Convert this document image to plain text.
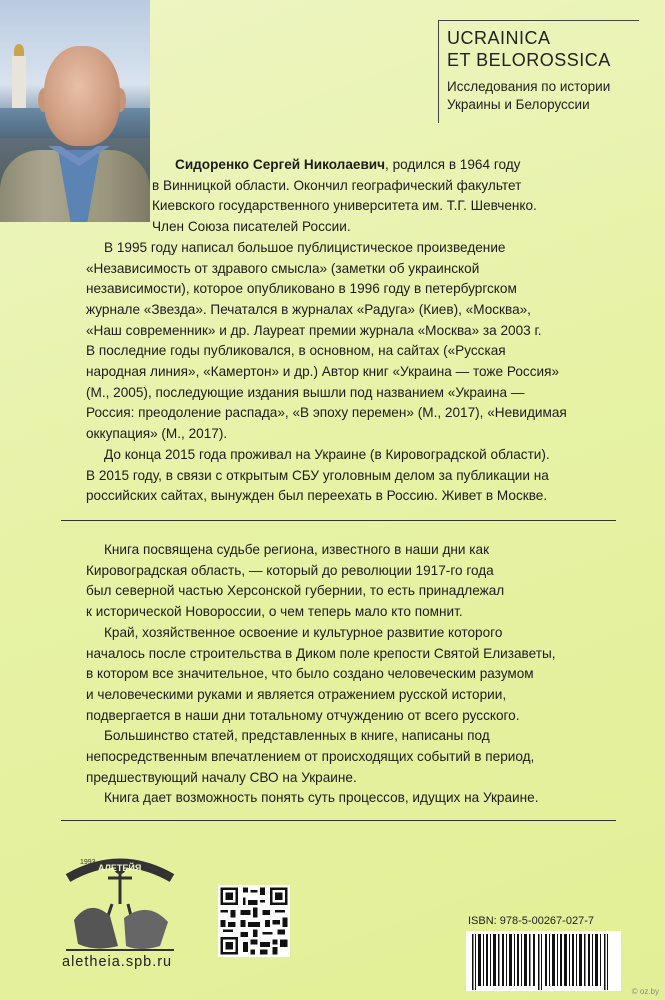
UCRAINICA
ET BELOROSSICA
Исследования по истории
Украины и Белоруссии

Сидоренко Сергей Николаевич, родился в 1964 году

в Винницкой области. Окончил географический факультет

Киевского государственного университета им. Т.Г. Шевченко.

Член Союза писателей России.

В 1995 году написал большое публицистическое произведение

«Независимость от здравого смысла» (заметки об украинской

независимости), которое опубликовано в 1996 году в петербургском

журнале «Звезда». Печатался в журналах «Радуга» (Киев), «Москва»,

«Наш современник» и др. Лауреат премии журнала «Москва» за 2003 г.

В последние годы публиковался, в основном, на сайтах («Русская

народная линия», «Камертон» и др.) Автор книг «Украина — тоже Россия»

(М., 2005), последующие издания вышли под названием «Украина —

Россия: преодоление распада», «В эпоху перемен» (М., 2017), «Невидимая

оккупация» (М., 2017).

До конца 2015 года проживал на Украине (в Кировоградской области).

В 2015 году, в связи с открытым СБУ уголовным делом за публикации на

российских сайтах, вынужден был переехать в Россию. Живет в Москве.

Книга посвящена судьбе региона, известного в наши дни как

Кировоградская область, — который до революции 1917-го года

был северной частью Херсонской губернии, то есть принадлежал

к исторической Новороссии, о чем теперь мало кто помнит.

Край, хозяйственное освоение и культурное развитие которого

началось после строительства в Диком поле крепости Святой Елизаветы,

в котором все значительное, что было создано человеческим разумом

и человеческими руками и является отражением русской истории,

подвергается в наши дни тотальному отчуждению от всего русского.

Большинство статей, представленных в книге, написаны под

непосредственным впечатлением от происходящих событий в период,

предшествующий началу СВО на Украине.

Книга дает возможность понять суть процессов, идущих на Украине.

1993
АЛЕТЕЙЯ
aletheia.spb.ru
ISBN: 978-5-00267-027-7
© oz.by
